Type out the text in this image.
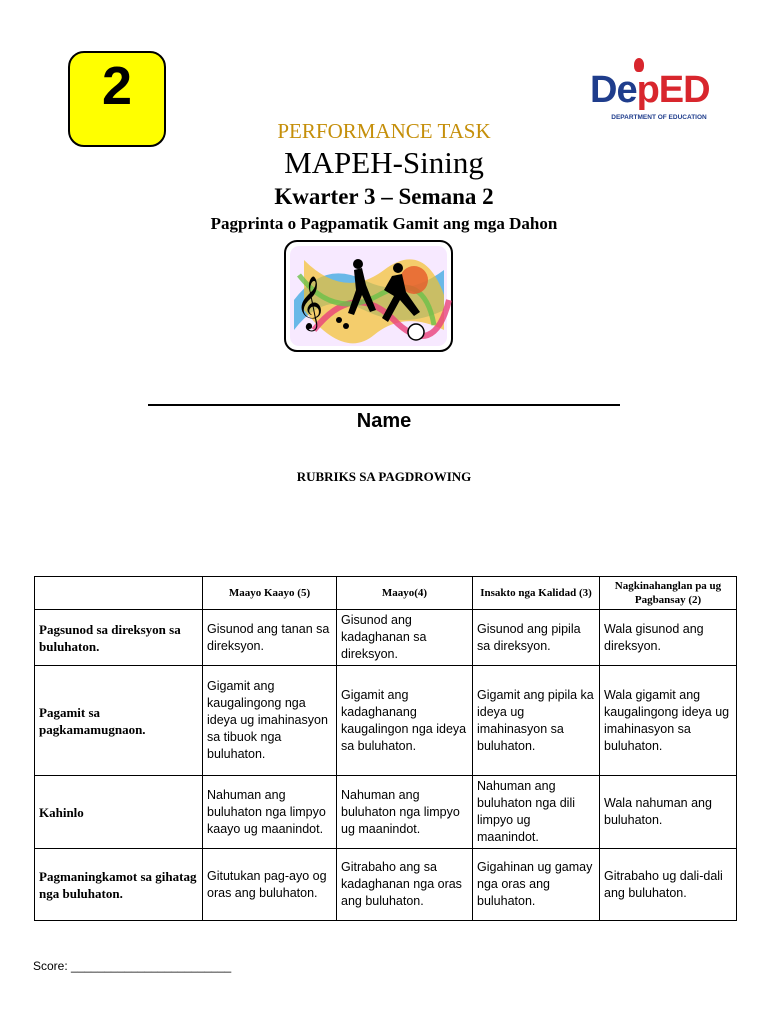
2	DepED
DEPARTMENT OF EDUCATION
PERFORMANCE TASK
MAPEH-Sining
Kwarter 3 – Semana 2
Pagprinta o Pagpamatik Gamit ang mga Dahon
𝄞
Name
RUBRIKS SA PAGDROWING
	Maayo Kaayo (5)	Maayo(4)	Insakto nga Kalidad (3)	Nagkinahanglan pa ug Pagbansay (2)
Pagsunod sa direksyon sa buluhaton.	Gisunod ang tanan sa direksyon.	Gisunod ang kadaghanan sa direksyon.	Gisunod ang pipila sa direksyon.	Wala gisunod ang direksyon.
Pagamit sa pagkamamugnaon.	Gigamit ang kaugalingong nga ideya ug imahinasyon sa tibuok nga buluhaton.	Gigamit ang kadaghanang kaugalingon nga ideya sa buluhaton.	Gigamit ang pipila ka ideya ug imahinasyon sa buluhaton.	Wala gigamit ang kaugalingong ideya ug imahinasyon sa buluhaton.
Kahinlo	Nahuman ang buluhaton nga limpyo kaayo ug maanindot.	Nahuman ang buluhaton nga limpyo ug maanindot.	Nahuman ang buluhaton nga dili limpyo ug maanindot.	Wala nahuman ang buluhaton.
Pagmaningkamot sa gihatag nga buluhaton.	Gitutukan pag-ayo og oras ang buluhaton.	Gitrabaho ang sa kadaghanan nga oras ang buluhaton.	Gigahinan ug gamay nga oras ang buluhaton.	Gitrabaho ug dali-dali ang buluhaton.
Score: ________________________
